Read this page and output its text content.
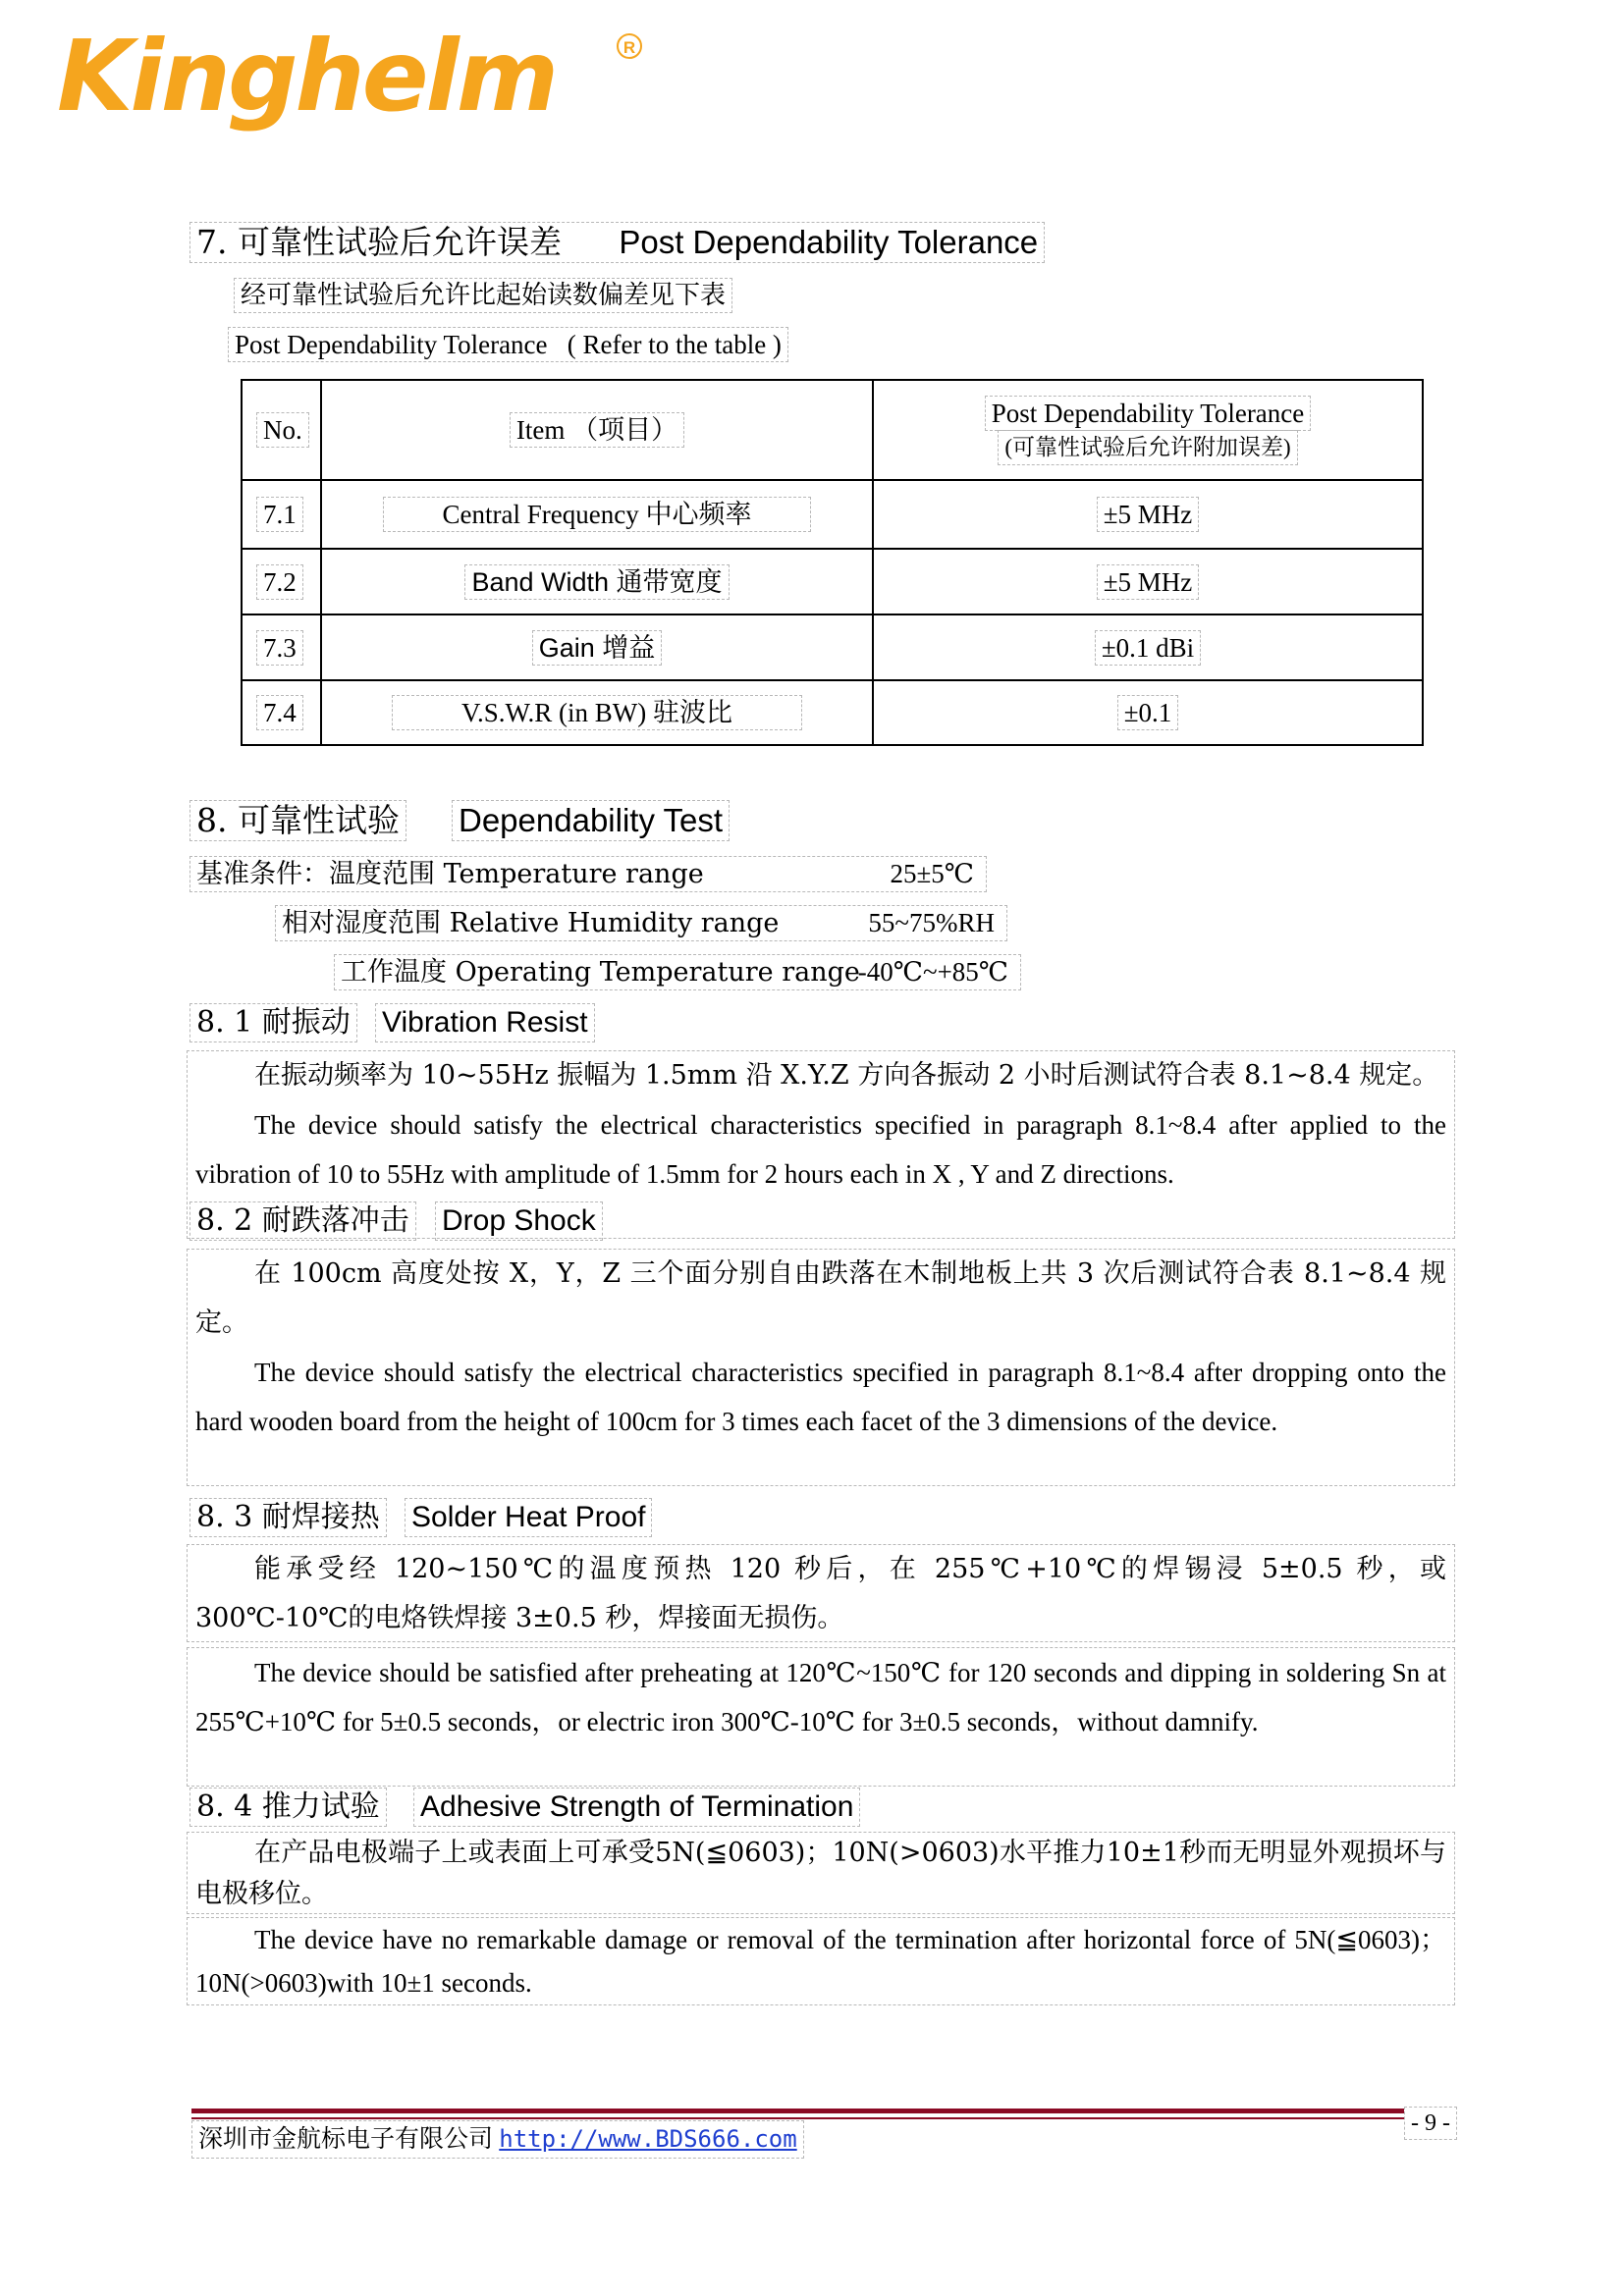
Kinghelm	R
7. 可靠性试验后允许误差 Post Dependability Tolerance
经可靠性试验后允许比起始读数偏差见下表
Post Dependability Tolerance   ( Refer to the table )
No.	Item （项目）	Post Dependability Tolerance
(可靠性试验后允许附加误差)
7.1	Central Frequency 中心频率	±5 MHz
7.2	Band Width 通带宽度	±5 MHz
7.3	Gain 增益	±0.1 dBi
7.4	V.S.W.R (in BW) 驻波比	±0.1
8. 可靠性试验 Dependability Test
基准条件：温度范围 Temperature range	25±5℃
相对湿度范围 Relative Humidity range	55~75%RH
工作温度 Operating Temperature range
-40℃~+85℃
8. 1 耐振动 Vibration Resist

在振动频率为 10~55Hz 振幅为 1.5mm 沿 X.Y.Z 方向各振动 2 小时后测试符合表 8.1~8.4 规定。

The device should satisfy the electrical characteristics specified in paragraph 8.1~8.4 after applied to the vibration of 10 to 55Hz with amplitude of 1.5mm for 2 hours each in X , Y and Z directions.

8. 2 耐跌落冲击 Drop Shock

在 100cm 高度处按 X，Y，Z 三个面分别自由跌落在木制地板上共 3 次后测试符合表 8.1~8.4 规定。

The device should satisfy the electrical characteristics specified in paragraph 8.1~8.4 after dropping onto the hard wooden board from the height of 100cm for 3 times each facet of the 3 dimensions of the device.

8. 3 耐焊接热 Solder Heat Proof

能承受经 120~150℃的温度预热 120 秒后，在 255℃+10℃的焊锡浸 5±0.5 秒，或 300℃-10℃的电烙铁焊接 3±0.5 秒，焊接面无损伤。

The device should be satisfied after preheating at 120℃~150℃ for 120 seconds and dipping in soldering Sn at 255℃+10℃ for 5±0.5 seconds，or electric iron 300℃-10℃ for 3±0.5 seconds，without damnify.

8. 4 推力试验 Adhesive Strength of Termination

在产品电极端子上或表面上可承受5N(≦0603)；10N(>0603)水平推力10±1秒而无明显外观损坏与电极移位。

The device have no remarkable damage or removal of the termination after horizontal force of 5N(≦0603)；10N(>0603)with 10±1 seconds.

深圳市金航标电子有限公司 http://www.BDS666.com
- 9 -
